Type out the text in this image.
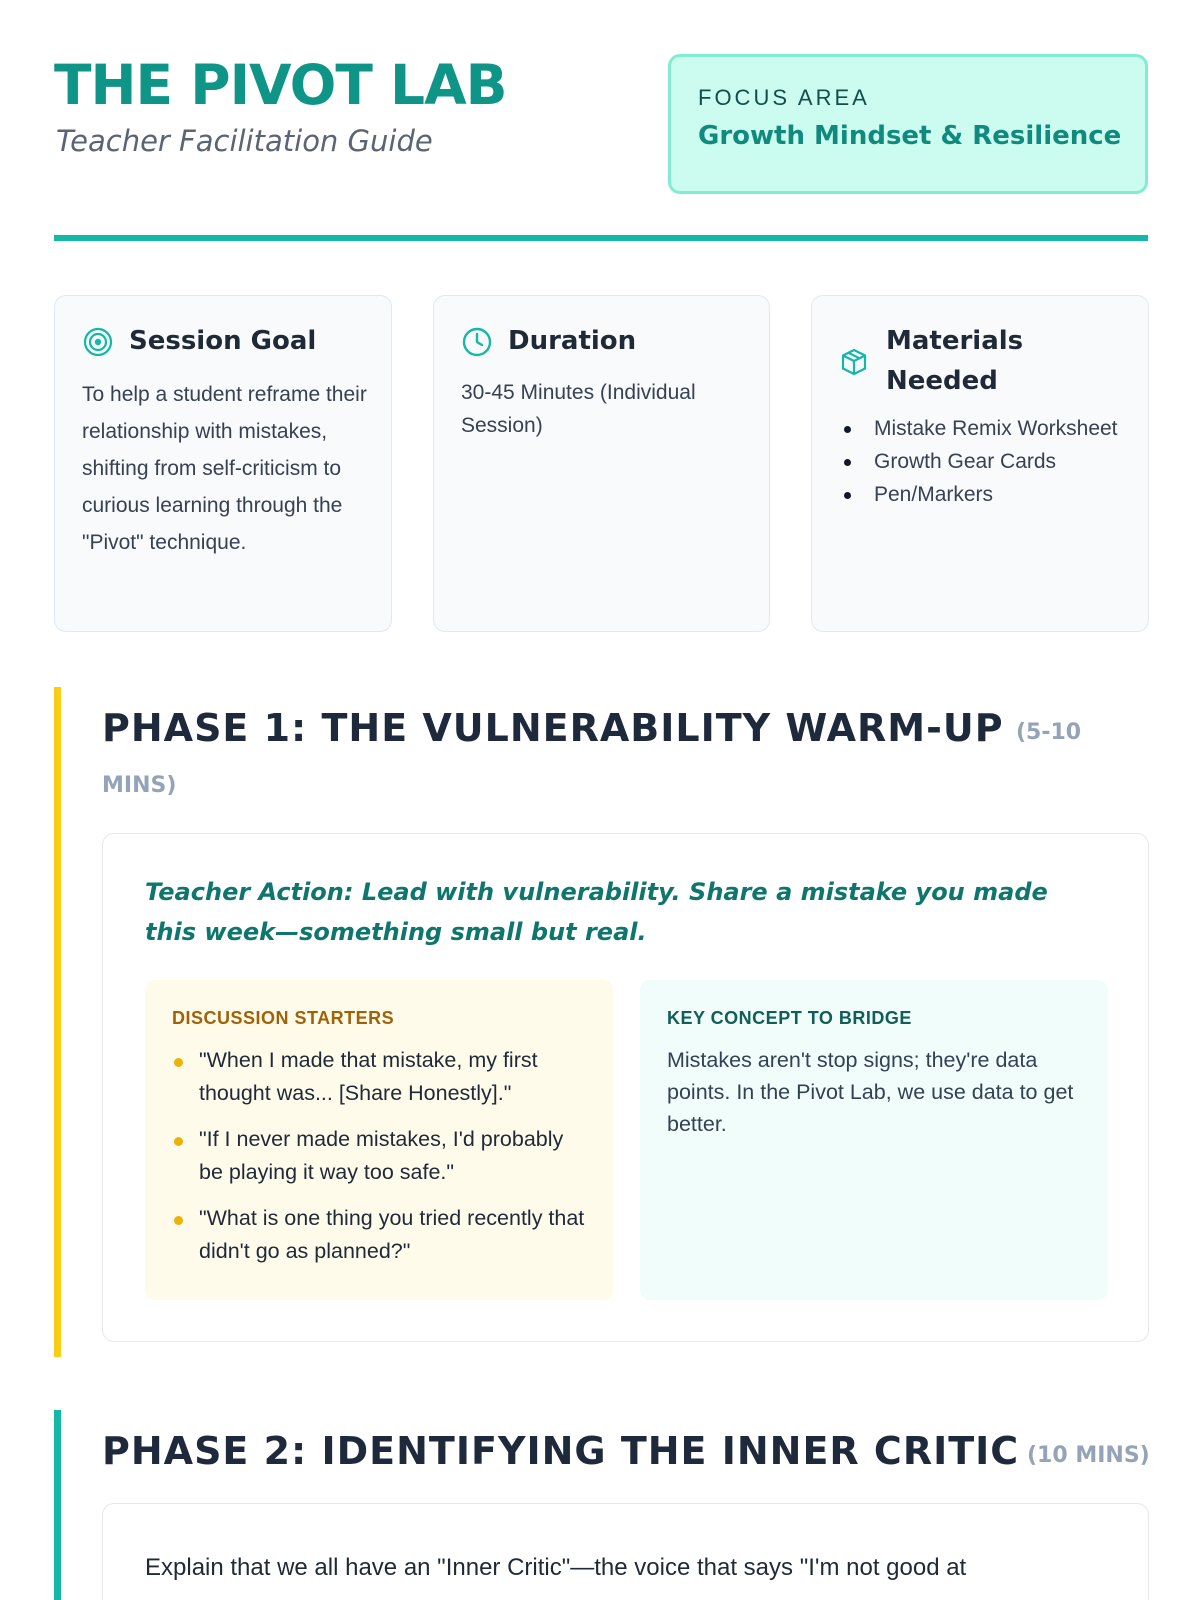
THE PIVOT LAB
Teacher Facilitation Guide
FOCUS AREA
Growth Mindset & Resilience
Session Goal
To help a student reframe their relationship with mistakes, shifting from self-criticism to curious learning through the "Pivot" technique.
Duration
30-45 Minutes (Individual Session)
Materials Needed
Mistake Remix Worksheet
Growth Gear Cards
Pen/Markers
PHASE 1: THE VULNERABILITY WARM-UP (5-10
MINS)
Teacher Action: Lead with vulnerability. Share a mistake you made this week—something small but real.
DISCUSSION STARTERS
"When I made that mistake, my first thought was... [Share Honestly]."
"If I never made mistakes, I'd probably be playing it way too safe."
"What is one thing you tried recently that didn't go as planned?"
KEY CONCEPT TO BRIDGE
Mistakes aren't stop signs; they're data points. In the Pivot Lab, we use data to get better.
PHASE 2: IDENTIFYING THE INNER CRITIC (10 MINS)
Explain that we all have an "Inner Critic"—the voice that says "I'm not good at
